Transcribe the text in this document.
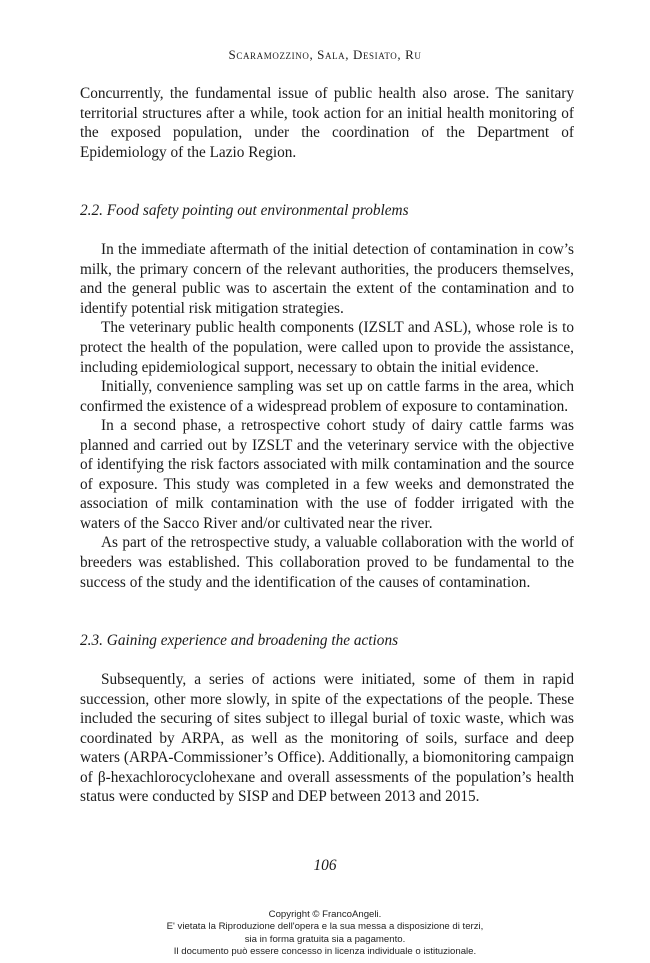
Scaramozzino, Sala, Desiato, Ru

Concurrently, the fundamental issue of public health also arose. The sanitary territorial structures after a while, took action for an initial health monitoring of the exposed population, under the coordination of the Department of Epidemiology of the Lazio Region.

2.2. Food safety pointing out environmental problems

In the immediate aftermath of the initial detection of contamination in cow’s milk, the primary concern of the relevant authorities, the producers themselves, and the general public was to ascertain the extent of the contamination and to identify potential risk mitigation strategies.

The veterinary public health components (IZSLT and ASL), whose role is to protect the health of the population, were called upon to provide the assistance, including epidemiological support, necessary to obtain the initial evidence.

Initially, convenience sampling was set up on cattle farms in the area, which confirmed the existence of a widespread problem of exposure to contamination.

In a second phase, a retrospective cohort study of dairy cattle farms was planned and carried out by IZSLT and the veterinary service with the objective of identifying the risk factors associated with milk contamination and the source of exposure. This study was completed in a few weeks and demonstrated the association of milk contamination with the use of fodder irrigated with the waters of the Sacco River and/or cultivated near the river.

As part of the retrospective study, a valuable collaboration with the world of breeders was established. This collaboration proved to be fundamental to the success of the study and the identification of the causes of contamination.

2.3. Gaining experience and broadening the actions

Subsequently, a series of actions were initiated, some of them in rapid succession, other more slowly, in spite of the expectations of the people. These included the securing of sites subject to illegal burial of toxic waste, which was coordinated by ARPA, as well as the monitoring of soils, surface and deep waters (ARPA-Commissioner’s Office). Additionally, a biomonitoring campaign of β-hexachlorocyclohexane and overall assessments of the population’s health status were conducted by SISP and DEP between 2013 and 2015.

106
Copyright © FrancoAngeli.
E' vietata la Riproduzione dell'opera e la sua messa a disposizione di terzi,
sia in forma gratuita sia a pagamento.
Il documento può essere concesso in licenza individuale o istituzionale.
